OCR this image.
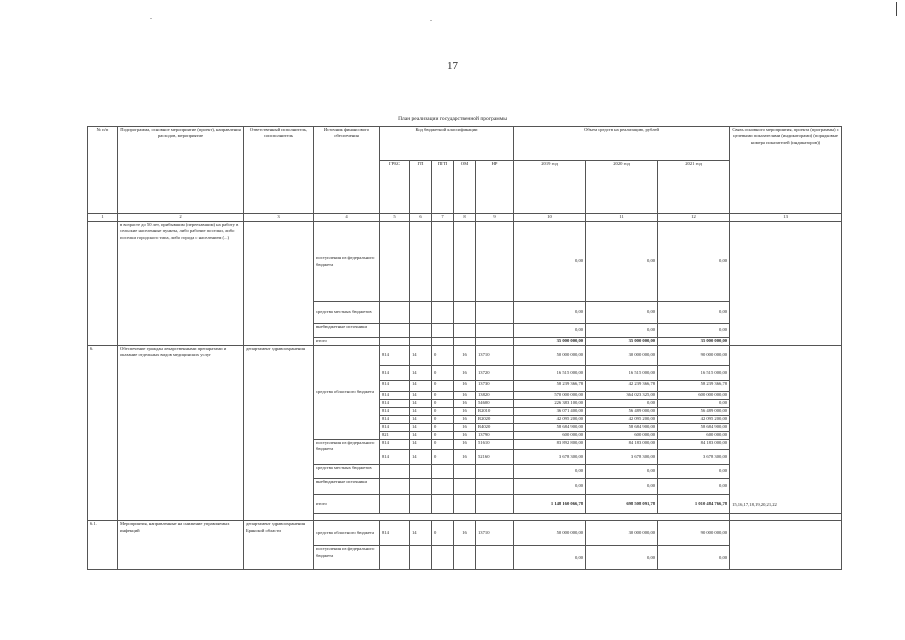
17
План реализации государственной программы
№ п/п	Подпрограмма, основное мероприятие (проект), направления расходов, мероприятие	Ответственный исполнитель, соисполнитель	Источник финансового обеспечения	Код бюджетной классификации					Объем средств на реализацию, рублей			Связь основного мероприятия, проекта (программы) с целевыми показателями (индикаторами) (порядковые номера показателей (индикаторов))
				ГРБС	ГП	ПГП	ОМ	НР	2019 год	2020 год	2021 год	
1	2	3	4	5	6	7	8	9	10	11	12	13
	в возрасте до 50 лет, прибывшим (переехавшим) на работу в сельские населенные пункты, либо рабочие поселки, либо поселки городского типа, либо города с населением (...)		поступления из федерального бюджета						0,00	0,00	0,00	
			средства местных бюджетов						0,00	0,00	0,00	
			внебюджетные источники						0,00	0,00	0,00	
			итого						35 000 000,00	35 000 000,00	35 000 000,00	
6.	Обеспечение граждан лекарственными препаратами и оказание отдельных видов медицинских услуг	департамент здравоохранения	средства областного бюджета	814	14	0	16	13710	50 000 000,00	30 000 000,00	90 000 000,00	
				814	14	0	16	13720	16 515 000,00	16 515 000,00	16 515 000,00	
				814	14	0	16	13730	58 239 366,78	42 239 366,78	58 239 366,78	
				814	14	0	16	13820	570 000 000,00	364 023 325,00	600 000 000,00	
				814	14	0	16	54600	226 383 100,00	0,00	0,00	
				814	14	0	16	R2010	36 071 400,00	56 489 000,00	56 489 000,00	
				814	14	0	16	R2020	42 095 200,00	42 095 200,00	42 095 200,00	
				814	14	0	16	R4020	58 684 900,00	58 684 900,00	58 684 900,00	
				821	14	0	16	13790	600 000,00	600 000,00	600 000,00	
			поступления из федерального бюджета	814	14	0	16	51610	83 892 800,00	84 183 000,00	84 183 000,00	
				814	14	0	16	52160	3 678 300,00	3 678 300,00	3 678 300,00	
			средства местных бюджетов						0,00	0,00	0,00	
			внебюджетные источники						0,00	0,00	0,00	
			итого						1 148 160 066,78	698 508 091,78	1 010 484 766,78	
												15,16,17,18,19,20,21,22
6.1.	Мероприятия, направленные на снижение управляемых инфекций	департамент здравоохранения Брянской области	средства областного бюджета	814	14	0	16	13710	50 000 000,00	30 000 000,00	90 000 000,00	
			поступления из федерального бюджета						0,00	0,00	0,00	
